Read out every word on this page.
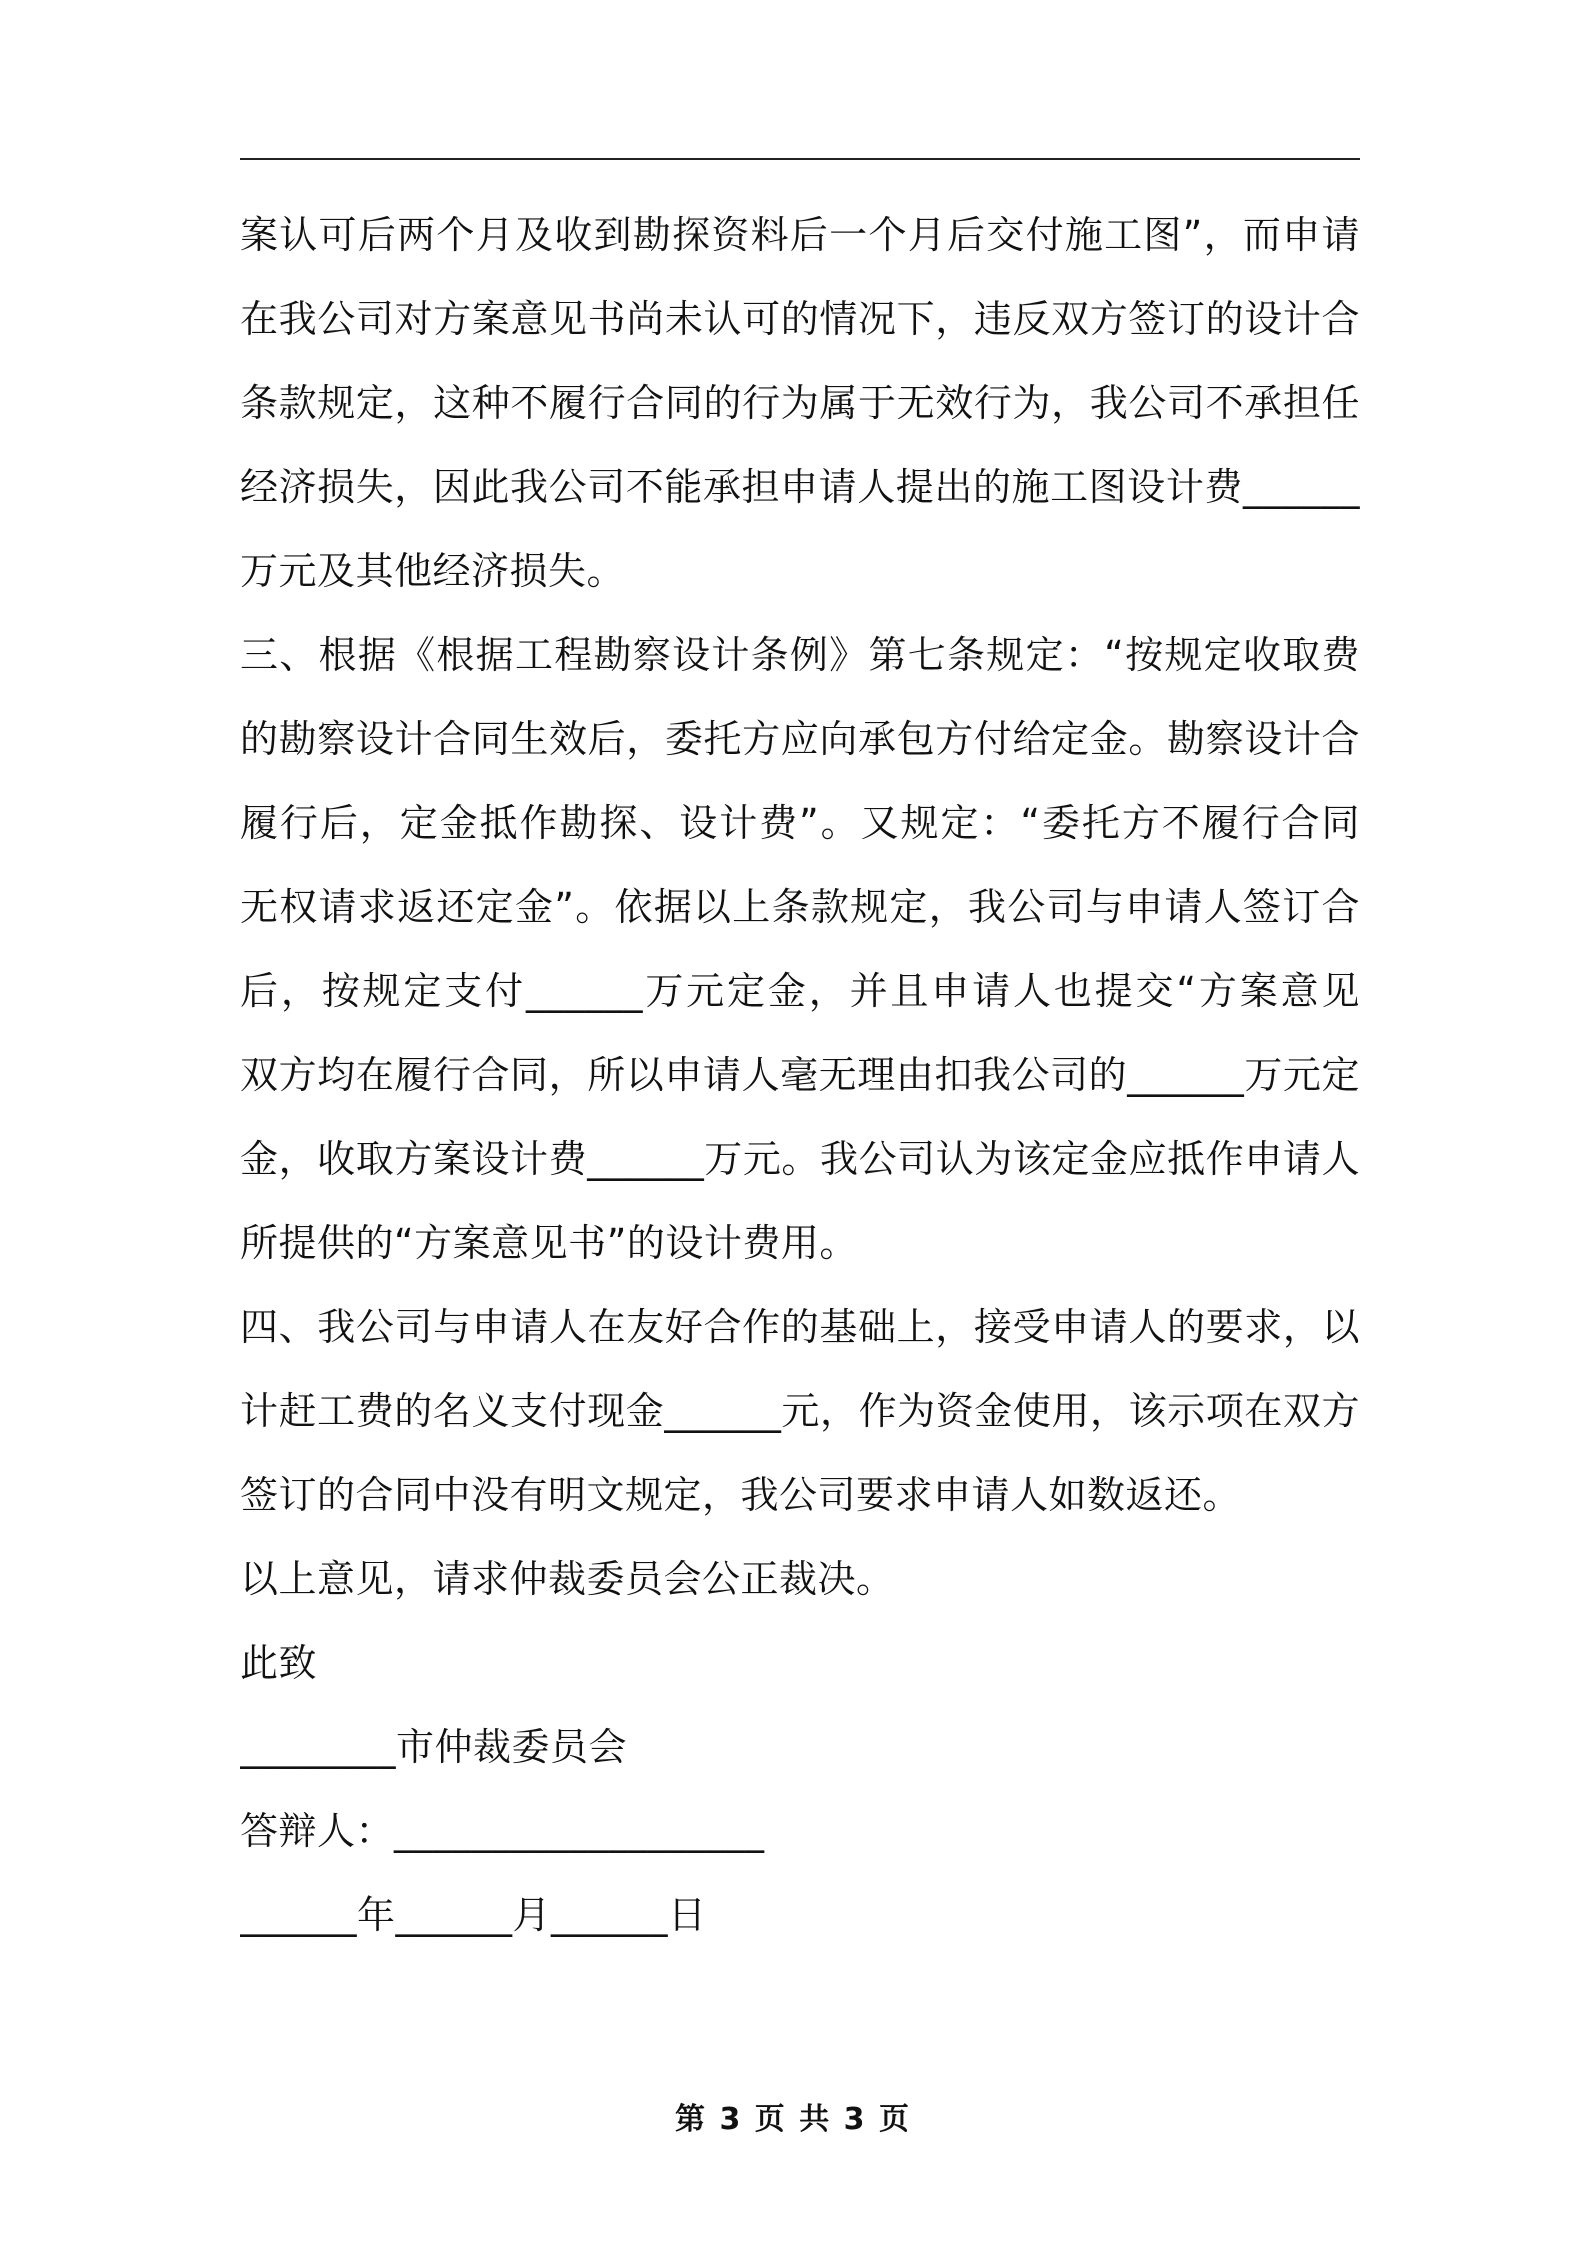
案认可后两个月及收到勘探资料后一个月后交付施工图”，而申请
在我公司对方案意见书尚未认可的情况下，违反双方签订的设计合
条款规定，这种不履行合同的行为属于无效行为，我公司不承担任
经济损失，因此我公司不能承担申请人提出的施工图设计费______
万元及其他经济损失。
三、根据《根据工程勘察设计条例》第七条规定：“按规定收取费
的勘察设计合同生效后，委托方应向承包方付给定金。勘察设计合
履行后，定金抵作勘探、设计费”。又规定：“委托方不履行合同
无权请求返还定金”。依据以上条款规定，我公司与申请人签订合
后，按规定支付______万元定金，并且申请人也提交“方案意见
双方均在履行合同，所以申请人毫无理由扣我公司的______万元定
金，收取方案设计费______万元。我公司认为该定金应抵作申请人
所提供的“方案意见书”的设计费用。
四、我公司与申请人在友好合作的基础上，接受申请人的要求，以
计赶工费的名义支付现金______元，作为资金使用，该示项在双方
签订的合同中没有明文规定，我公司要求申请人如数返还。
以上意见，请求仲裁委员会公正裁决。
此致
________市仲裁委员会
答辩人：___________________
______年______月______日
第 3 页 共 3 页
